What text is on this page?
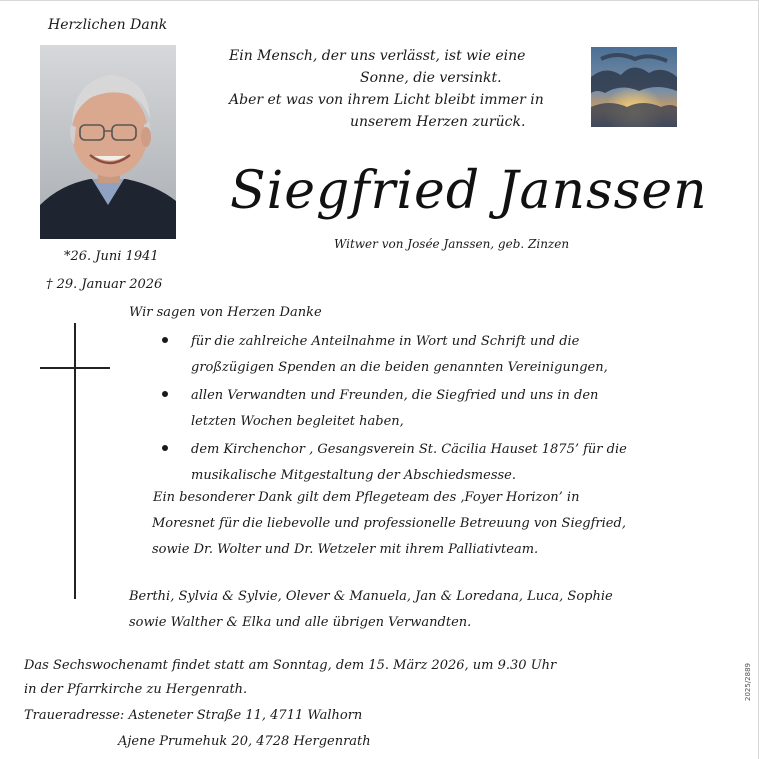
Herzlichen Dank
Ein Mensch, der uns verlässt, ist wie eine
Sonne, die versinkt.
Aber et was von ihrem Licht bleibt immer in
unserem Herzen zurück.
Siegfried Janssen
Witwer von Josée Janssen, geb. Zinzen
*26. Juni 1941
† 29. Januar 2026
Wir sagen von Herzen Danke
für die zahlreiche Anteilnahme in Wort und Schrift und die
großzügigen Spenden an die beiden genannten Vereinigungen,
allen Verwandten und Freunden, die Siegfried und uns in den
letzten Wochen begleitet haben,
dem Kirchenchor , Gesangsverein St. Cäcilia Hauset 1875’ für die
musikalische Mitgestaltung der Abschiedsmesse.
Ein besonderer Dank gilt dem Pflegeteam des ‚Foyer Horizon’ in
Moresnet für die liebevolle und professionelle Betreuung von Siegfried,
sowie Dr. Wolter und Dr. Wetzeler mit ihrem Palliativteam.
Berthi, Sylvia & Sylvie, Olever & Manuela, Jan & Loredana, Luca, Sophie
sowie Walther & Elka und alle übrigen Verwandten.
Das Sechswochenamt findet statt am Sonntag, dem 15. März 2026, um 9.30 Uhr
in der Pfarrkirche zu Hergenrath.
Traueradresse: Asteneter Straße 11, 4711 Walhorn
Ajene Prumehuk 20, 4728 Hergenrath
2025/2889
